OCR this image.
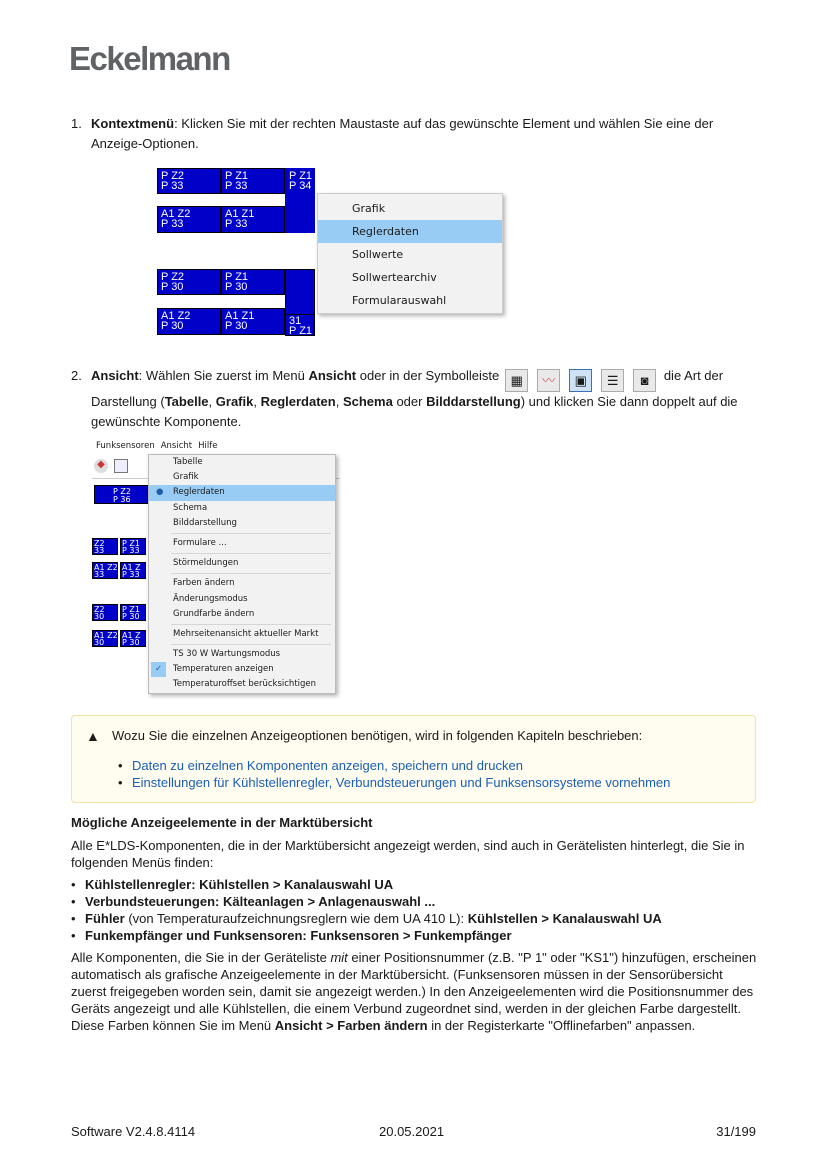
Eckelmann
1. Kontextmenü: Klicken Sie mit der rechten Maustaste auf das gewünschte Element und wählen Sie eine der Anzeige-Optionen.
P Z2
P 33
P Z1
P 33
P Z1
P 34
A1 Z2
P 33
A1 Z1
P 33
P Z2
P 30
P Z1
P 30
A1 Z2
P 30
A1 Z1
P 30	31
P Z1
Grafik
Reglerdaten
Sollwerte
Sollwertearchiv
Formularauswahl
2. Ansicht: Wählen Sie zuerst im Menü Ansicht oder in der Symbolleiste ▦	〰	▣	☰	◙ die Art der Darstellung (Tabelle, Grafik, Reglerdaten, Schema oder Bilddarstellung) und klicken Sie dann doppelt auf die gewünschte Komponente.
Funksensoren Ansicht Hilfe
◆
P Z2
P 36
Z2
33
P Z1
P 33
A1 Z2
33
A1 Z
P 33
Z2
30
P Z1
P 30
A1 Z2
30
A1 Z
P 30
Tabelle
Grafik
● Reglerdaten
Schema
Bilddarstellung
Formulare ...
Störmeldungen
Farben ändern
Änderungsmodus
Grundfarbe ändern
Mehrseitenansicht aktueller Markt
TS 30 W Wartungsmodus
✓	Temperaturen anzeigen
Temperaturoffset berücksichtigen
▲ Wozu Sie die einzelnen Anzeigeoptionen benötigen, wird in folgenden Kapiteln beschrieben:
• Daten zu einzelnen Komponenten anzeigen, speichern und drucken
• Einstellungen für Kühlstellenregler, Verbundsteuerungen und Funksensorsysteme vornehmen
Mögliche Anzeigeelemente in der Marktübersicht
Alle E*LDS-Komponenten, die in der Marktübersicht angezeigt werden, sind auch in Gerätelisten hinterlegt, die Sie in folgenden Menüs finden:
• Kühlstellenregler: Kühlstellen > Kanalauswahl UA
• Verbundsteuerungen: Kälteanlagen > Anlagenauswahl ...
• Fühler (von Temperaturaufzeichnungsreglern wie dem UA 410 L): Kühlstellen > Kanalauswahl UA
• Funkempfänger und Funksensoren: Funksensoren > Funkempfänger
Alle Komponenten, die Sie in der Geräteliste mit einer Positionsnummer (z.B. "P 1" oder "KS1") hinzufügen, erscheinen automatisch als grafische Anzeigeelemente in der Marktübersicht. (Funksensoren müssen in der Sensorübersicht zuerst freigegeben worden sein, damit sie angezeigt werden.) In den Anzeigeelementen wird die Positionsnummer des Geräts angezeigt und alle Kühlstellen, die einem Verbund zugeordnet sind, werden in der gleichen Farbe dargestellt. Diese Farben können Sie im Menü Ansicht > Farben ändern in der Registerkarte "Offlinefarben" anpassen.
Software V2.4.8.4114	20.05.2021	31/199
